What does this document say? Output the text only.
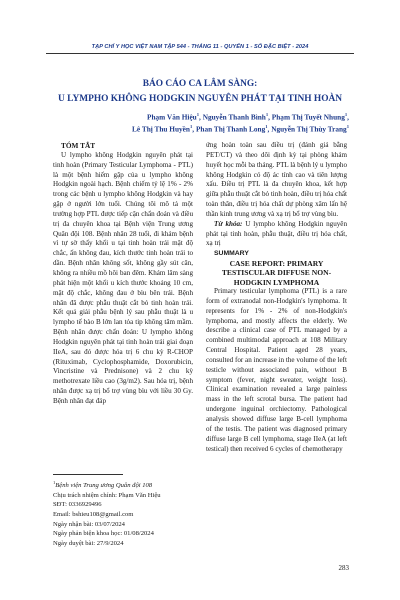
TẠP CHÍ Y HỌC VIỆT NAM TẬP 544 - THÁNG 11 - QUYỂN 1 - SỐ ĐẶC BIỆT - 2024
BÁO CÁO CA LÂM SÀNG:
U LYMPHO KHÔNG HODGKIN NGUYÊN PHÁT TẠI TINH HOÀN
Phạm Văn Hiệu$^1$, Nguyễn Thanh Bình$^1$, Phạm Thị Tuyết Nhung$^1$,
Lê Thị Thu Huyền$^1$, Phan Thị Thanh Long$^1$, Nguyễn Thị Thùy Trang$^1$

TÓM TẮT

U lympho không Hodgkin nguyên phát tại tinh hoàn (Primary Testicular Lymphoma - PTL) là một bệnh hiếm gặp của u lympho không Hodgkin ngoài hạch. Bệnh chiếm tỷ lệ 1% - 2% trong các bệnh u lympho không Hodgkin và hay gặp ở người lớn tuổi. Chúng tôi mô tả một trường hợp PTL được tiếp cận chẩn đoán và điều trị đa chuyên khoa tại Bệnh viện Trung ương Quân đội 108. Bệnh nhân 28 tuổi, đi khám bệnh vì tự sờ thấy khối u tại tinh hoàn trái mật độ chắc, ấn không đau, kích thước tinh hoàn trái to dần. Bệnh nhân không sốt, không gầy sút cân, không ra nhiều mồ hôi ban đêm. Khám lâm sàng phát hiện một khối u kích thước khoảng 10 cm, mật độ chắc, không đau ở bìu bên trái. Bệnh nhân đã được phẫu thuật cắt bỏ tinh hoàn trái. Kết quả giải phẫu bệnh lý sau phẫu thuật là u lympho tế bào B lớn lan tỏa tip không tâm mầm. Bệnh nhân được chẩn đoán: U lympho không Hodgkin nguyên phát tại tinh hoàn trái giai đoạn IIeA, sau đó được hóa trị 6 chu kỳ R-CHOP (Rituximab, Cyclophosphamide, Doxorubicin, Vincristine và Prednisone) và 2 chu kỳ methotrexate liều cao (3g/m2). Sau hóa trị, bệnh nhân được xạ trị bổ trợ vùng bìu với liều 30 Gy. Bệnh nhân đạt đáp

ứng hoàn toàn sau điều trị (đánh giá bằng PET/CT) và theo dõi định kỳ tại phòng khám huyết học mỗi ba tháng. PTL là bệnh lý u lympho không Hodgkin có độ ác tính cao và tiên lượng xấu. Điều trị PTL là đa chuyên khoa, kết hợp giữa phẫu thuật cắt bỏ tinh hoàn, điều trị hóa chất toàn thân, điều trị hóa chất dự phòng xâm lấn hệ thần kinh trung ương và xạ trị bổ trợ vùng bìu.

Từ khóa: U lympho không Hodgkin nguyên phát tại tinh hoàn, phẫu thuật, điều trị hóa chất, xạ trị

SUMMARY

CASE REPORT: PRIMARY
TESTISCULAR DIFFUSE NON-
HODGKIN LYMPHOMA

Primary testicular lymphoma (PTL) is a rare form of extranodal non-Hodgkin's lymphoma. It represents for 1% - 2% of non-Hodgkin's lymphoma, and mostly affects the elderly. We describe a clinical case of PTL managed by a combined multimodal approach at 108 Military Central Hospital. Patient aged 28 years, consulted for an increase in the volume of the left testicle without associated pain, without B symptom (fever, night sweater, weight loss). Clinical examination revealed a large painless mass in the left scrotal bursa. The patient had undergone inguinal orchiectomy. Pathological analysis showed diffuse large B-cell lymphoma of the testis. The patient was diagnosed primary diffuse large B cell lymphoma, stage IIeA (at left testical) then received 6 cycles of chemotherapy

$^1$Bệnh viện Trung ương Quân đội 108
Chịu trách nhiệm chính: Phạm Văn Hiệu
SĐT: 0336929496
Email: bshieu108@gmail.com
Ngày nhận bài: 03/07/2024
Ngày phản biện khoa học: 01/08/2024
Ngày duyệt bài: 27/9/2024
283
